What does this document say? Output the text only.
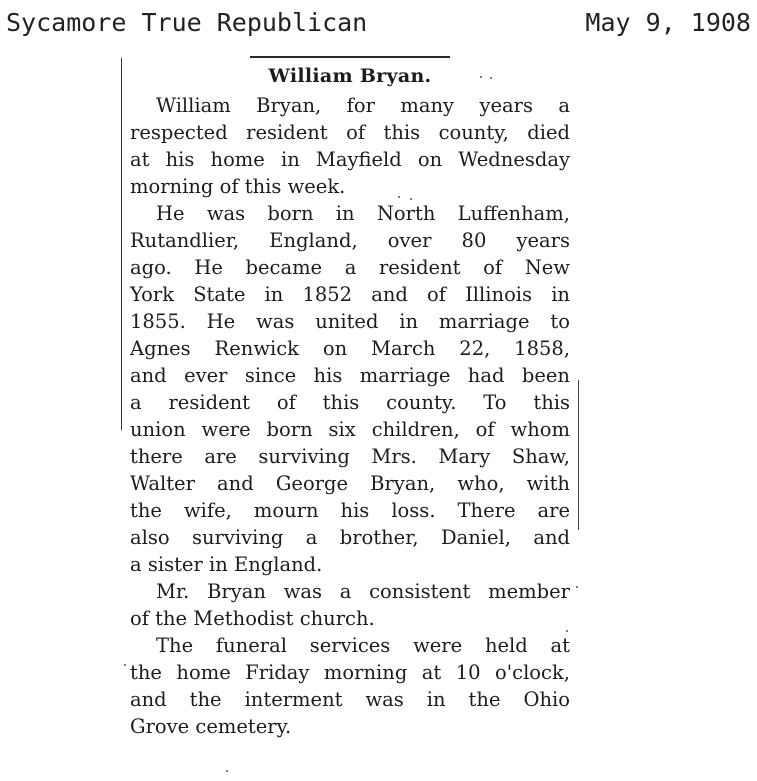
Sycamore True Republican

	May 9, 1908

William Bryan.
William Bryan, for many years a
respected resident of this county, died
at his home in Mayfield on Wednesday
morning of this week.
He was born in North Luffenham,
Rutandlier, England, over 80 years
ago. He became a resident of New
York State in 1852 and of Illinois in
1855. He was united in marriage to
Agnes Renwick on March 22, 1858,
and ever since his marriage had been
a resident of this county. To this
union were born six children, of whom
there are surviving Mrs. Mary Shaw,
Walter and George Bryan, who, with
the wife, mourn his loss. There are
also surviving a brother, Daniel, and
a sister in England.
Mr. Bryan was a consistent member
of the Methodist church.
The funeral services were held at
the home Friday morning at 10 o'clock,
and the interment was in the Ohio
Grove cemetery.
